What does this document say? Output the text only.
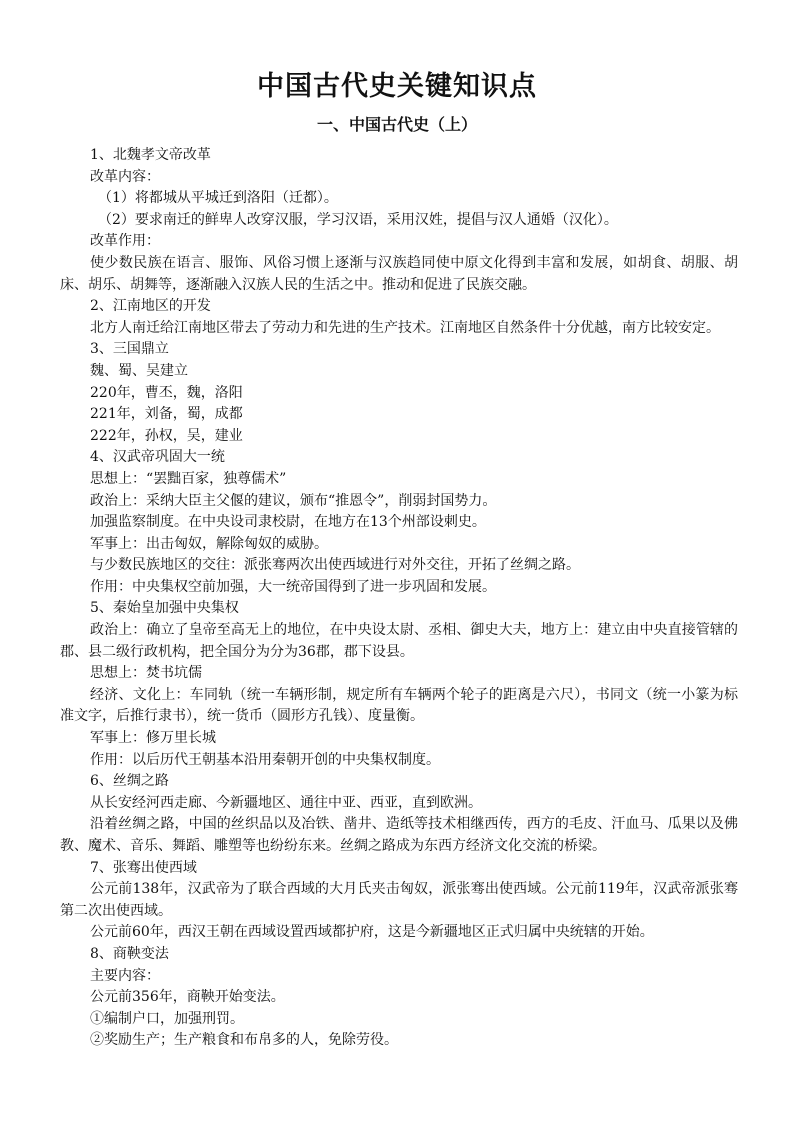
中国古代史关键知识点
一、中国古代史（上）

1、北魏孝文帝改革

改革内容：

（1）将都城从平城迁到洛阳（迁都）。

（2）要求南迁的鲜卑人改穿汉服，学习汉语，采用汉姓，提倡与汉人通婚（汉化）。

改革作用：

使少数民族在语言、服饰、风俗习惯上逐渐与汉族趋同使中原文化得到丰富和发展，如胡食、胡服、胡床、胡乐、胡舞等，逐渐融入汉族人民的生活之中。推动和促进了民族交融。

2、江南地区的开发

北方人南迁给江南地区带去了劳动力和先进的生产技术。江南地区自然条件十分优越，南方比较安定。

3、三国鼎立

魏、蜀、吴建立

220年，曹丕，魏，洛阳

221年，刘备，蜀，成都

222年，孙权，吴，建业

4、汉武帝巩固大一统

思想上：“罢黜百家，独尊儒术”

政治上：采纳大臣主父偃的建议，颁布“推恩令”，削弱封国势力。

加强监察制度。在中央设司隶校尉，在地方在13个州部设刺史。

军事上：出击匈奴，解除匈奴的威胁。

与少数民族地区的交往：派张骞两次出使西域进行对外交往，开拓了丝绸之路。

作用：中央集权空前加强，大一统帝国得到了进一步巩固和发展。

5、秦始皇加强中央集权

政治上：确立了皇帝至高无上的地位，在中央设太尉、丞相、御史大夫，地方上：建立由中央直接管辖的郡、县二级行政机构，把全国分为分为36郡，郡下设县。

思想上：焚书坑儒

经济、文化上：车同轨（统一车辆形制，规定所有车辆两个轮子的距离是六尺），书同文（统一小篆为标准文字，后推行隶书），统一货币（圆形方孔钱）、度量衡。

军事上：修万里长城

作用：以后历代王朝基本沿用秦朝开创的中央集权制度。

6、丝绸之路

从长安经河西走廊、今新疆地区、通往中亚、西亚，直到欧洲。

沿着丝绸之路，中国的丝织品以及冶铁、凿井、造纸等技术相继西传，西方的毛皮、汗血马、瓜果以及佛教、魔术、音乐、舞蹈、雕塑等也纷纷东来。丝绸之路成为东西方经济文化交流的桥梁。

7、张骞出使西域

公元前138年，汉武帝为了联合西域的大月氏夹击匈奴，派张骞出使西域。公元前119年，汉武帝派张骞第二次出使西域。

公元前60年，西汉王朝在西域设置西域都护府，这是今新疆地区正式归属中央统辖的开始。

8、商鞅变法

主要内容：

公元前356年，商鞅开始变法。

①编制户口，加强刑罚。

②奖励生产；生产粮食和布帛多的人，免除劳役。
